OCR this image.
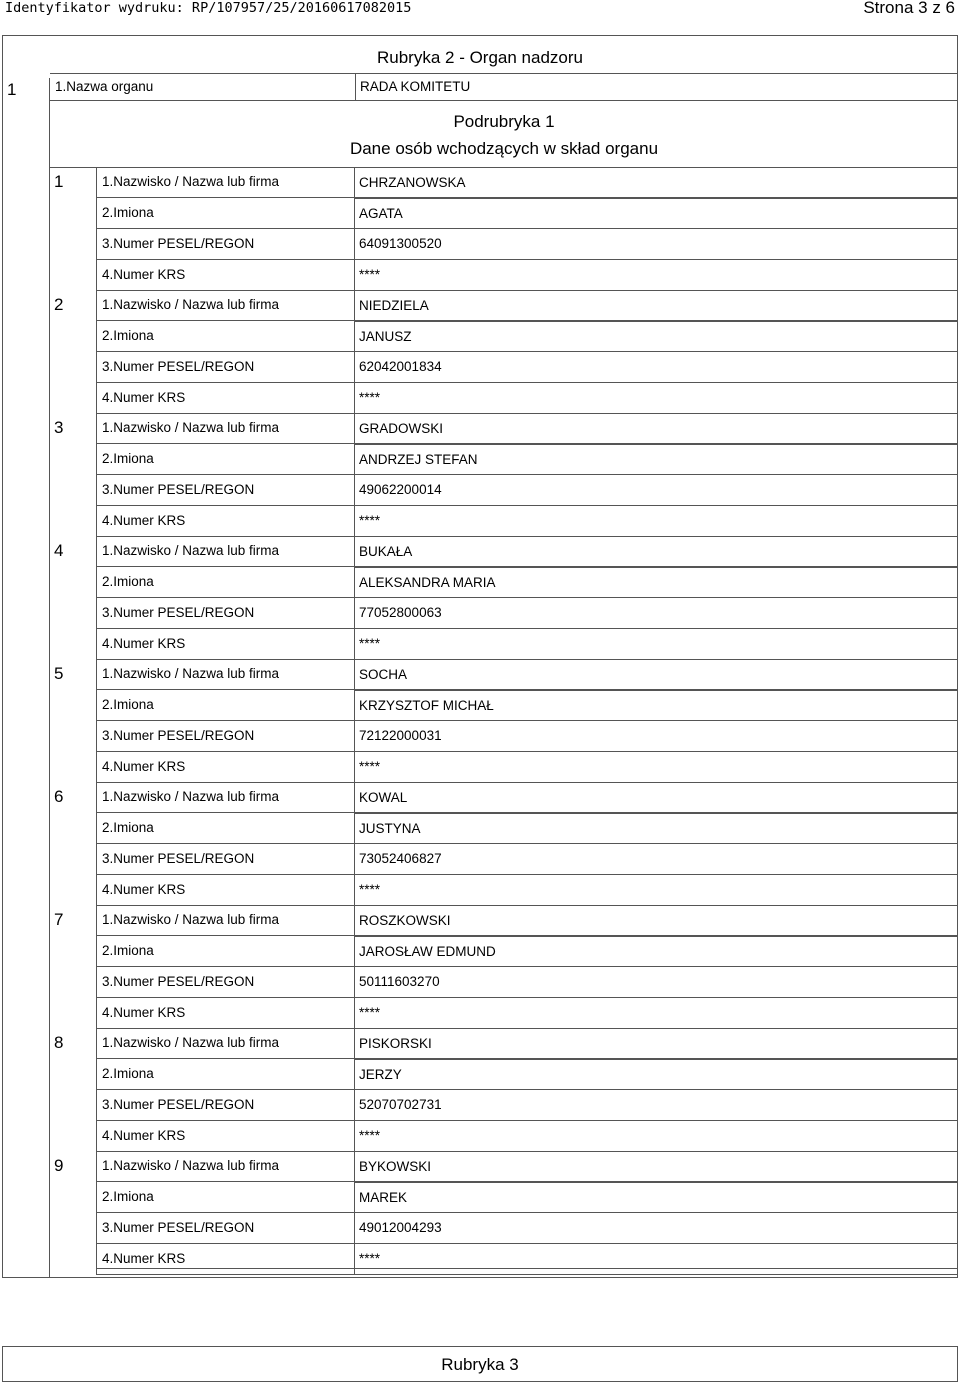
Identyfikator wydruku: RP/107957/25/20160617082015	Strona 3 z 6
Rubryka 2 - Organ nadzoru
1	1.Nazwa organu	RADA KOMITETU
Podrubryka 1
Dane osób wchodzących w skład organu
1	1.Nazwisko / Nazwa lub firma	CHRZANOWSKA
2.Imiona	AGATA
3.Numer PESEL/REGON	64091300520
4.Numer KRS	****
2	1.Nazwisko / Nazwa lub firma	NIEDZIELA
2.Imiona	JANUSZ
3.Numer PESEL/REGON	62042001834
4.Numer KRS	****
3	1.Nazwisko / Nazwa lub firma	GRADOWSKI
2.Imiona	ANDRZEJ STEFAN
3.Numer PESEL/REGON	49062200014
4.Numer KRS	****
4	1.Nazwisko / Nazwa lub firma	BUKAŁA
2.Imiona	ALEKSANDRA MARIA
3.Numer PESEL/REGON	77052800063
4.Numer KRS	****
5	1.Nazwisko / Nazwa lub firma	SOCHA
2.Imiona	KRZYSZTOF MICHAŁ
3.Numer PESEL/REGON	72122000031
4.Numer KRS	****
6	1.Nazwisko / Nazwa lub firma	KOWAL
2.Imiona	JUSTYNA
3.Numer PESEL/REGON	73052406827
4.Numer KRS	****
7	1.Nazwisko / Nazwa lub firma	ROSZKOWSKI
2.Imiona	JAROSŁAW EDMUND
3.Numer PESEL/REGON	50111603270
4.Numer KRS	****
8	1.Nazwisko / Nazwa lub firma	PISKORSKI
2.Imiona	JERZY
3.Numer PESEL/REGON	52070702731
4.Numer KRS	****
9	1.Nazwisko / Nazwa lub firma	BYKOWSKI
2.Imiona	MAREK
3.Numer PESEL/REGON	49012004293
4.Numer KRS	****
Rubryka 3
